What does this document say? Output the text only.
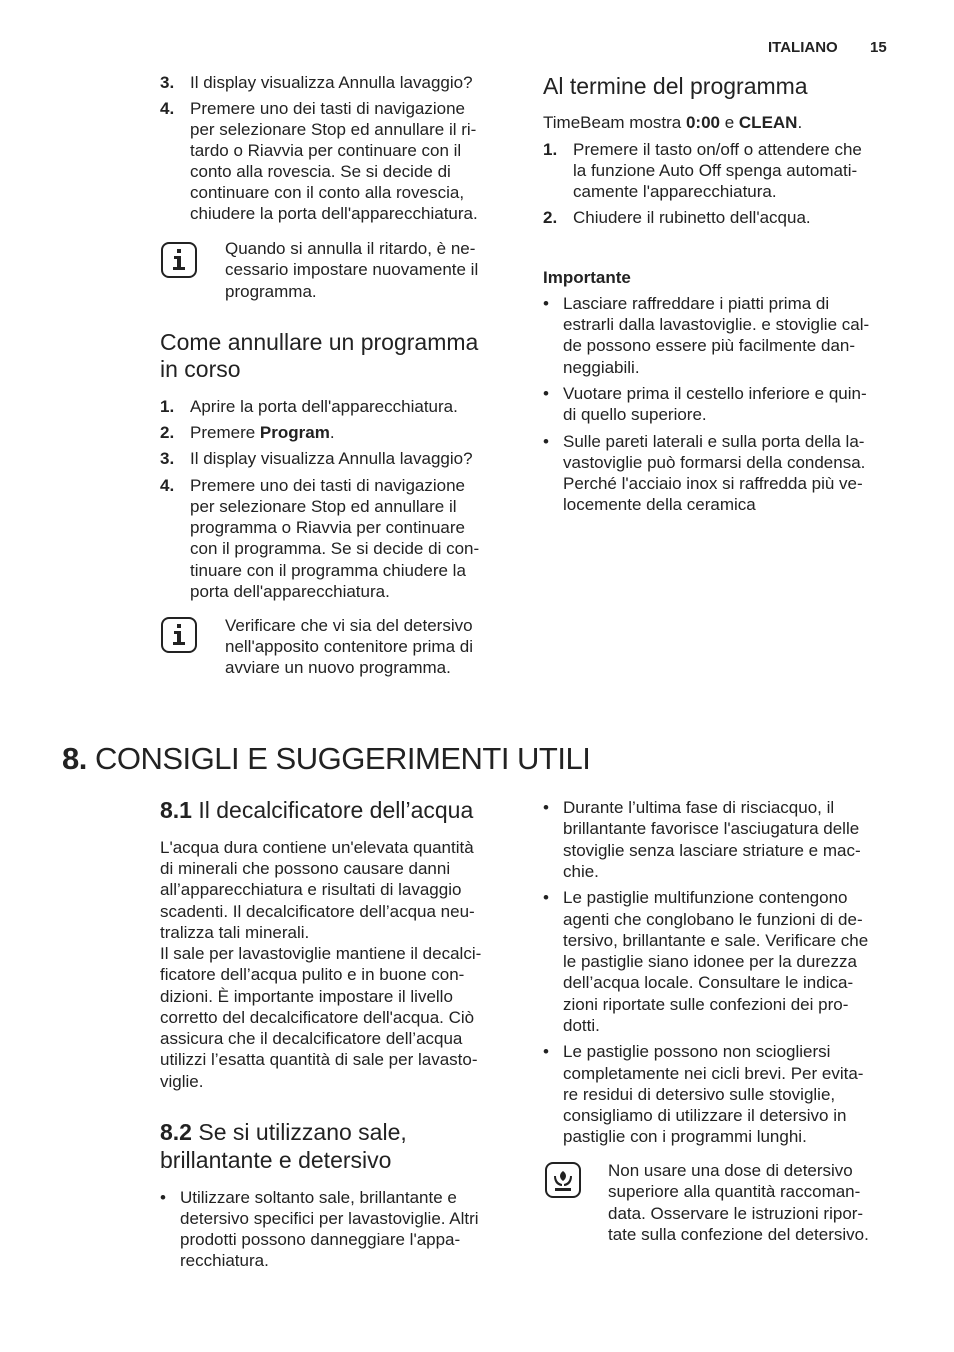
ITALIANO 15
3. Il display visualizza Annulla lavaggio?
4. Premere uno dei tasti di navigazione
per selezionare Stop ed annullare il ri-
tardo o Riavvia per continuare con il
conto alla rovescia. Se si decide di
continuare con il conto alla rovescia,
chiudere la porta dell'apparecchiatura.
Quando si annulla il ritardo, è ne-
cessario impostare nuovamente il
programma.
Come annullare un programma
in corso
1. Aprire la porta dell'apparecchiatura.
2. Premere Program.
3. Il display visualizza Annulla lavaggio?
4. Premere uno dei tasti di navigazione
per selezionare Stop ed annullare il
programma o Riavvia per continuare
con il programma. Se si decide di con-
tinuare con il programma chiudere la
porta dell'apparecchiatura.
Verificare che vi sia del detersivo
nell'apposito contenitore prima di
avviare un nuovo programma.
Al termine del programma
TimeBeam mostra 0:00 e CLEAN.
1. Premere il tasto on/off o attendere che
la funzione Auto Off spenga automati-
camente l'apparecchiatura.
2. Chiudere il rubinetto dell'acqua.
Importante
• Lasciare raffreddare i piatti prima di
estrarli dalla lavastoviglie. e stoviglie cal-
de possono essere più facilmente dan-
neggiabili.
• Vuotare prima il cestello inferiore e quin-
di quello superiore.
• Sulle pareti laterali e sulla porta della la-
vastoviglie può formarsi della condensa.
Perché l'acciaio inox si raffredda più ve-
locemente della ceramica
8. CONSIGLI E SUGGERIMENTI UTILI
8.1 Il decalcificatore dell’acqua
L'acqua dura contiene un'elevata quantità
di minerali che possono causare danni
all’apparecchiatura e risultati di lavaggio
scadenti. Il decalcificatore dell’acqua neu-
tralizza tali minerali.
Il sale per lavastoviglie mantiene il decalci-
ficatore dell’acqua pulito e in buone con-
dizioni. È importante impostare il livello
corretto del decalcificatore dell'acqua. Ciò
assicura che il decalcificatore dell’acqua
utilizzi l’esatta quantità di sale per lavasto-
viglie.
8.2 Se si utilizzano sale,
brillantante e detersivo
• Utilizzare soltanto sale, brillantante e
detersivo specifici per lavastoviglie. Altri
prodotti possono danneggiare l'appa-
recchiatura.
• Durante l’ultima fase di risciacquo, il
brillantante favorisce l'asciugatura delle
stoviglie senza lasciare striature e mac-
chie.
• Le pastiglie multifunzione contengono
agenti che conglobano le funzioni di de-
tersivo, brillantante e sale. Verificare che
le pastiglie siano idonee per la durezza
dell’acqua locale. Consultare le indica-
zioni riportate sulle confezioni dei pro-
dotti.
• Le pastiglie possono non sciogliersi
completamente nei cicli brevi. Per evita-
re residui di detersivo sulle stoviglie,
consigliamo di utilizzare il detersivo in
pastiglie con i programmi lunghi.
Non usare una dose di detersivo
superiore alla quantità raccoman-
data. Osservare le istruzioni ripor-
tate sulla confezione del detersivo.
